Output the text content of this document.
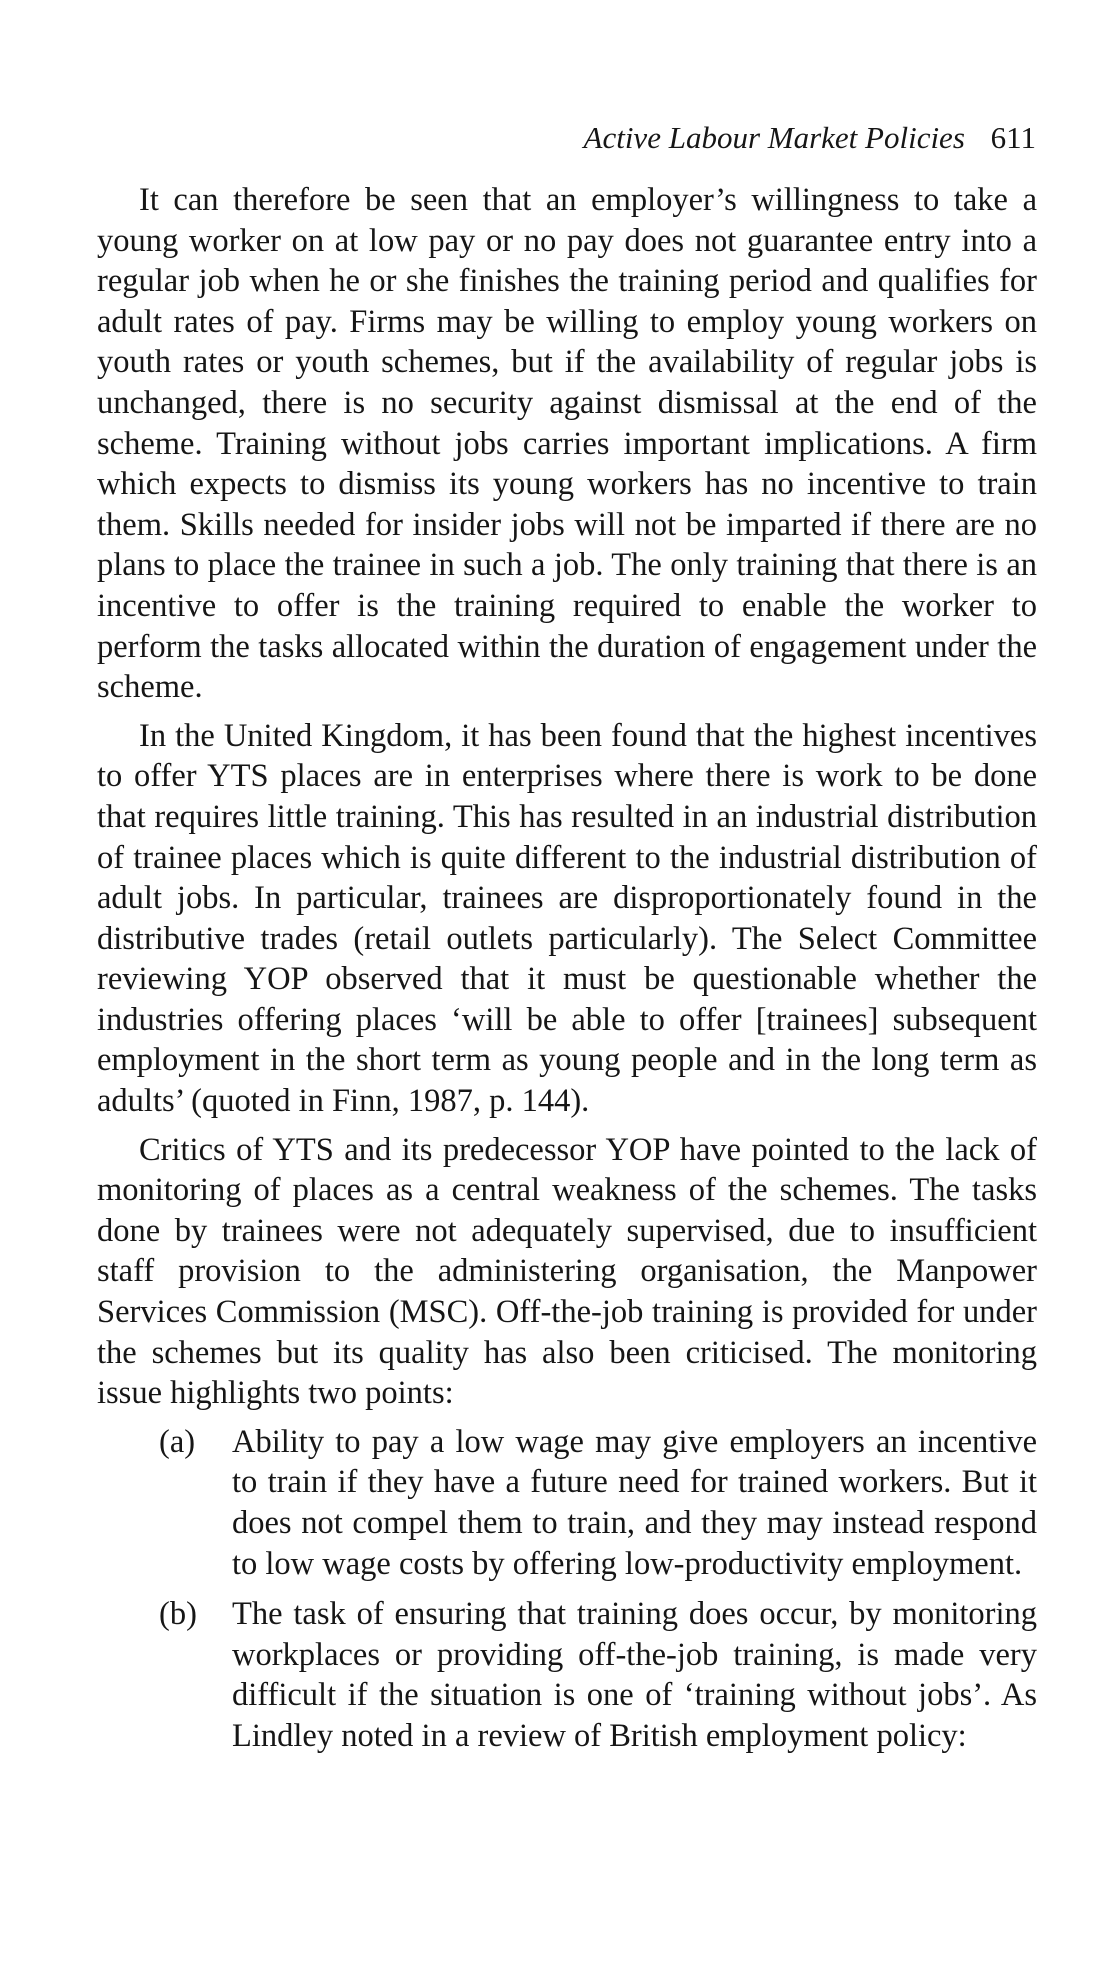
Active Labour Market Policies 611

It can therefore be seen that an employer’s willingness to take a young worker on at low pay or no pay does not guarantee entry into a regular job when he or she finishes the training period and qualifies for adult rates of pay. Firms may be willing to employ young workers on youth rates or youth schemes, but if the availability of regular jobs is unchanged, there is no security against dismissal at the end of the scheme. Training without jobs carries important implications. A firm which expects to dismiss its young workers has no incentive to train them. Skills needed for insider jobs will not be imparted if there are no plans to place the trainee in such a job. The only training that there is an incentive to offer is the training required to enable the worker to perform the tasks allocated within the duration of engagement under the scheme.

In the United Kingdom, it has been found that the highest incentives to offer YTS places are in enterprises where there is work to be done that requires little training. This has resulted in an industrial distribution of trainee places which is quite different to the industrial distribution of adult jobs. In particular, trainees are disproportionately found in the distributive trades (retail outlets particularly). The Select Committee reviewing YOP observed that it must be questionable whether the industries offering places ‘will be able to offer [trainees] subsequent employment in the short term as young people and in the long term as adults’ (quoted in Finn, 1987, p. 144).

Critics of YTS and its predecessor YOP have pointed to the lack of monitoring of places as a central weakness of the schemes. The tasks done by trainees were not adequately supervised, due to insufficient staff provision to the administering organisation, the Manpower Services Commission (MSC). Off-the-job training is provided for under the schemes but its quality has also been criticised. The monitoring issue highlights two points:

(a) Ability to pay a low wage may give employers an incentive to train if they have a future need for trained workers. But it does not compel them to train, and they may instead respond to low wage costs by offering low-productivity employment.
(b) The task of ensuring that training does occur, by monitoring workplaces or providing off-the-job training, is made very difficult if the situation is one of ‘training without jobs’. As Lindley noted in a review of British employment policy:
